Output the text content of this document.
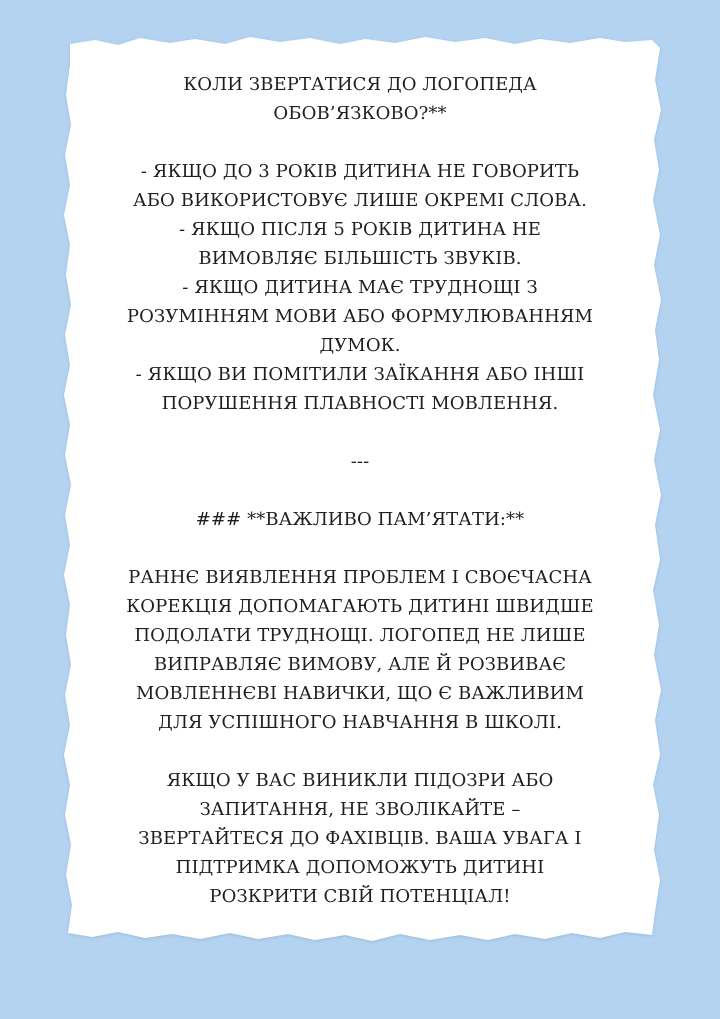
КОЛИ ЗВЕРТАТИСЯ ДО ЛОГОПЕДА
ОБОВ’ЯЗКОВО?**
- ЯКЩО ДО 3 РОКІВ ДИТИНА НЕ ГОВОРИТЬ
АБО ВИКОРИСТОВУЄ ЛИШЕ ОКРЕМІ СЛОВА.
- ЯКЩО ПІСЛЯ 5 РОКІВ ДИТИНА НЕ
ВИМОВЛЯЄ БІЛЬШІСТЬ ЗВУКІВ.
- ЯКЩО ДИТИНА МАЄ ТРУДНОЩІ З
РОЗУМІННЯМ МОВИ АБО ФОРМУЛЮВАННЯМ
ДУМОК.
- ЯКЩО ВИ ПОМІТИЛИ ЗАЇКАННЯ АБО ІНШІ
ПОРУШЕННЯ ПЛАВНОСТІ МОВЛЕННЯ.
---
### **ВАЖЛИВО ПАМ’ЯТАТИ:**
РАННЄ ВИЯВЛЕННЯ ПРОБЛЕМ І СВОЄЧАСНА
КОРЕКЦІЯ ДОПОМАГАЮТЬ ДИТИНІ ШВИДШЕ
ПОДОЛАТИ ТРУДНОЩІ. ЛОГОПЕД НЕ ЛИШЕ
ВИПРАВЛЯЄ ВИМОВУ, АЛЕ Й РОЗВИВАЄ
МОВЛЕННЄВІ НАВИЧКИ, ЩО Є ВАЖЛИВИМ
ДЛЯ УСПІШНОГО НАВЧАННЯ В ШКОЛІ.
ЯКЩО У ВАС ВИНИКЛИ ПІДОЗРИ АБО
ЗАПИТАННЯ, НЕ ЗВОЛІКАЙТЕ –
ЗВЕРТАЙТЕСЯ ДО ФАХІВЦІВ. ВАША УВАГА І
ПІДТРИМКА ДОПОМОЖУТЬ ДИТИНІ
РОЗКРИТИ СВІЙ ПОТЕНЦІАЛ!
